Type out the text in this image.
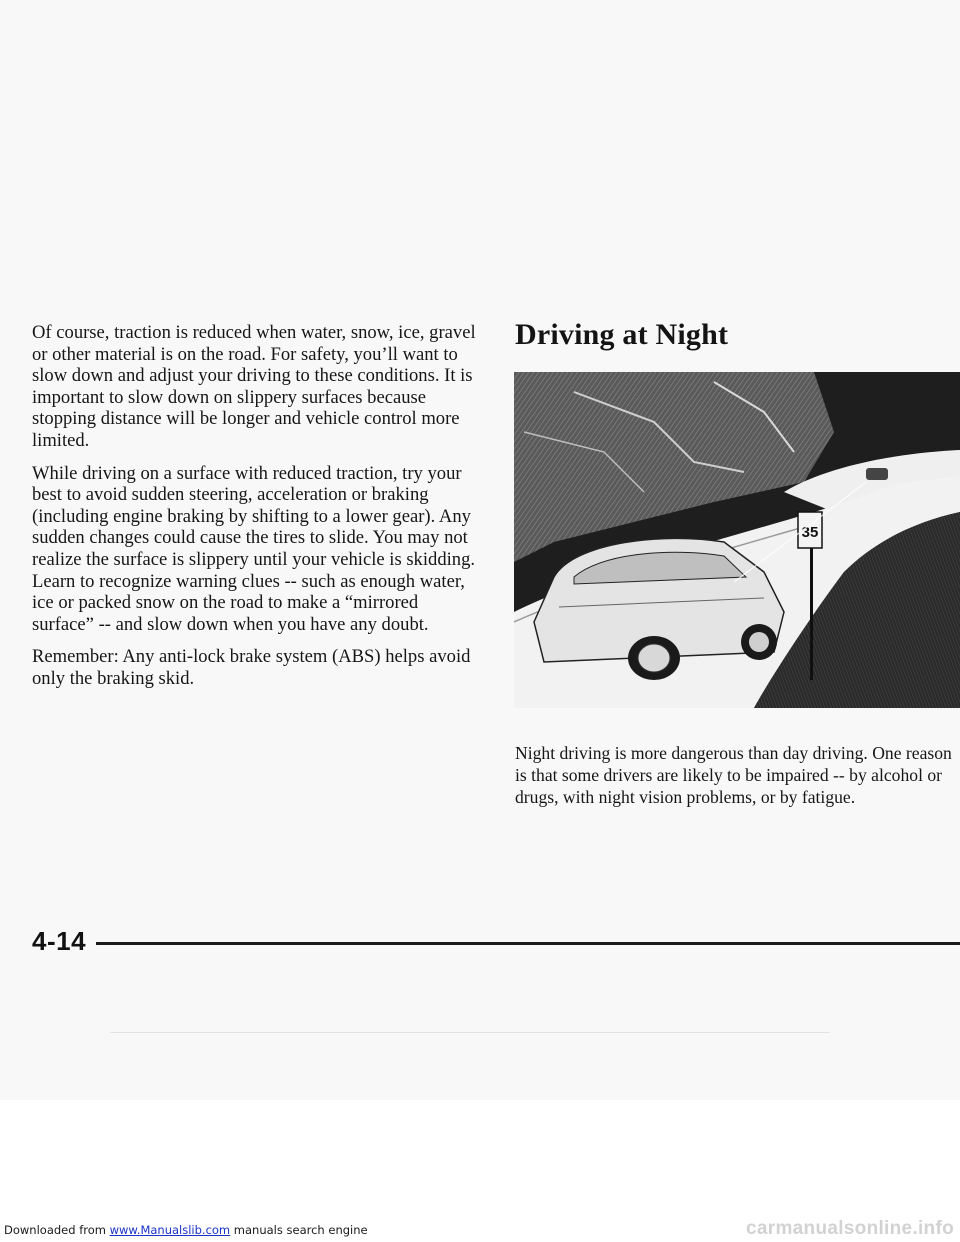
Of course, traction is reduced when water, snow, ice, gravel or other material is on the road. For safety, you’ll want to slow down and adjust your driving to these conditions. It is important to slow down on slippery surfaces because stopping distance will be longer and vehicle control more limited.

While driving on a surface with reduced traction, try your best to avoid sudden steering, acceleration or braking (including engine braking by shifting to a lower gear). Any sudden changes could cause the tires to slide. You may not realize the surface is slippery until your vehicle is skidding. Learn to recognize warning clues -- such as enough water, ice or packed snow on the road to make a “mirrored surface” -- and slow down when you have any doubt.

Remember: Any anti-lock brake system (ABS) helps avoid only the braking skid.

Driving at Night
35

Night driving is more dangerous than day driving. One reason is that some drivers are likely to be impaired -- by alcohol or drugs, with night vision problems, or by fatigue.

4-14
Downloaded from www.Manualslib.com manuals search engine	carmanualsonline.info
